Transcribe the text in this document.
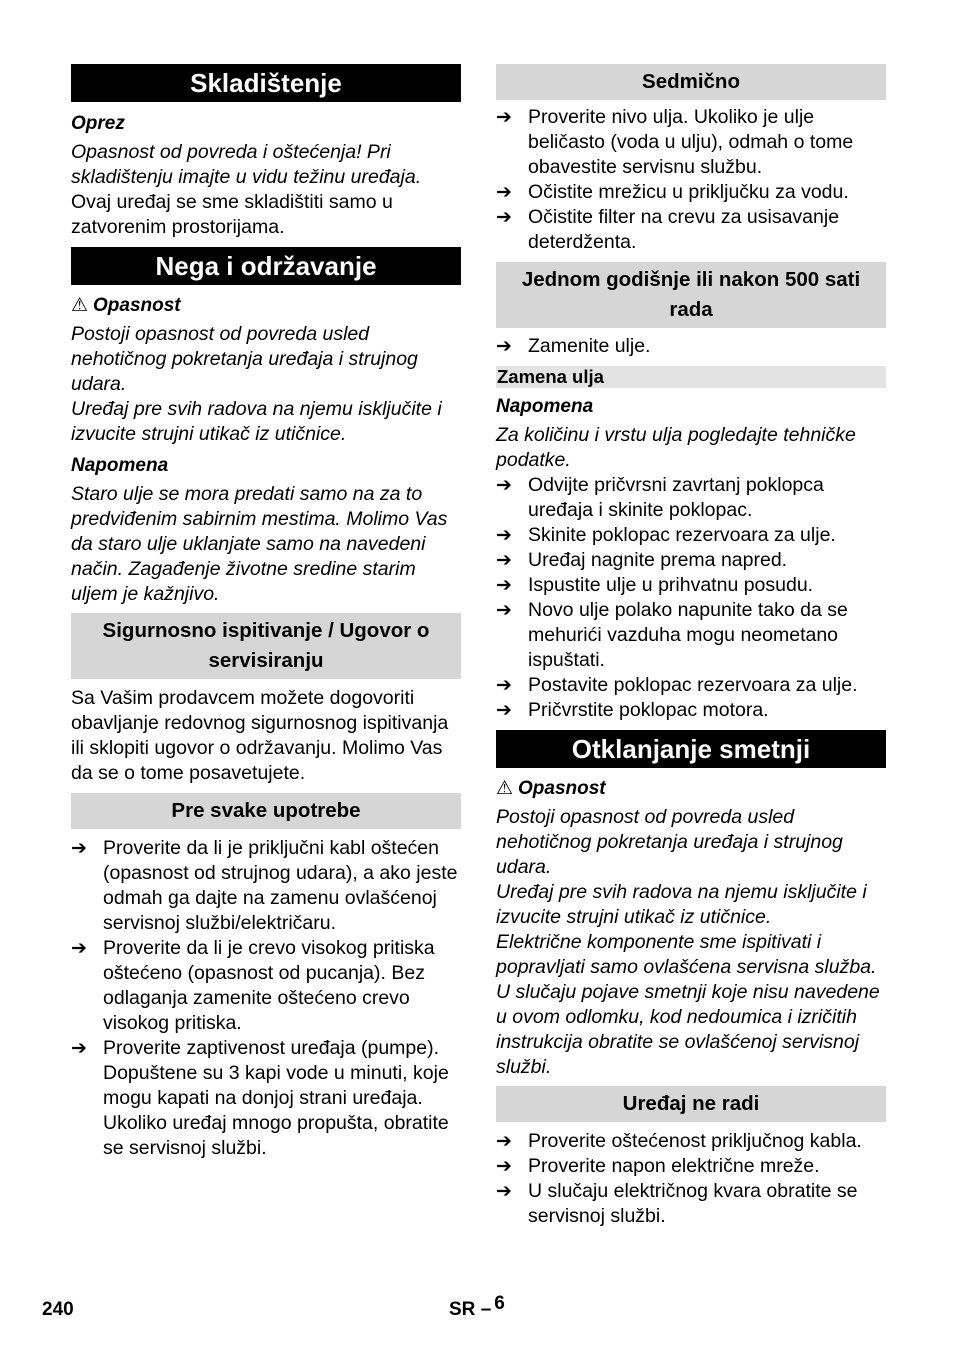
Skladištenje

Oprez

Opasnost od povreda i oštećenja! Pri skladištenju imajte u vidu težinu uređaja.

Ovaj uređaj se sme skladištiti samo u zatvorenim prostorijama.

Nega i održavanje

⚠ Opasnost

Postoji opasnost od povreda usled nehotičnog pokretanja uređaja i strujnog udara.

Uređaj pre svih radova na njemu isključite i izvucite strujni utikač iz utičnice.

Napomena

Staro ulje se mora predati samo na za to predviđenim sabirnim mestima. Molimo Vas da staro ulje uklanjate samo na navedeni način. Zagađenje životne sredine starim uljem je kažnjivo.

Sigurnosno ispitivanje / Ugovor o servisiranju

Sa Vašim prodavcem možete dogovoriti obavljanje redovnog sigurnosnog ispitivanja ili sklopiti ugovor o održavanju. Molimo Vas da se o tome posavetujete.

Pre svake upotrebe
➔ Proverite da li je priključni kabl oštećen (opasnost od strujnog udara), a ako jeste odmah ga dajte na zamenu ovlašćenoj servisnoj službi/električaru.
➔ Proverite da li je crevo visokog pritiska oštećeno (opasnost od pucanja). Bez odlaganja zamenite oštećeno crevo visokog pritiska.
➔ Proverite zaptivenost uređaja (pumpe). Dopuštene su 3 kapi vode u minuti, koje mogu kapati na donjoj strani uređaja. Ukoliko uređaj mnogo propušta, obratite se servisnoj službi.
Sedmično
➔ Proverite nivo ulja. Ukoliko je ulje beličasto (voda u ulju), odmah o tome obavestite servisnu službu.
➔ Očistite mrežicu u priključku za vodu.
➔ Očistite filter na crevu za usisavanje deterdženta.
Jednom godišnje ili nakon 500 sati rada
➔ Zamenite ulje.
Zamena ulja

Napomena

Za količinu i vrstu ulja pogledajte tehničke podatke.

➔ Odvijte pričvrsni zavrtanj poklopca uređaja i skinite poklopac.
➔ Skinite poklopac rezervoara za ulje.
➔ Uređaj nagnite prema napred.
➔ Ispustite ulje u prihvatnu posudu.
➔ Novo ulje polako napunite tako da se mehurići vazduha mogu neometano ispuštati.
➔ Postavite poklopac rezervoara za ulje.
➔ Pričvrstite poklopac motora.
Otklanjanje smetnji

⚠ Opasnost

Postoji opasnost od povreda usled nehotičnog pokretanja uređaja i strujnog udara.

Uređaj pre svih radova na njemu isključite i izvucite strujni utikač iz utičnice.

Električne komponente sme ispitivati i popravljati samo ovlašćena servisna služba.

U slučaju pojave smetnji koje nisu navedene u ovom odlomku, kod nedoumica i izričitih instrukcija obratite se ovlašćenoj servisnoj službi.

Uređaj ne radi
➔ Proverite oštećenost priključnog kabla.
➔ Proverite napon električne mreže.
➔ U slučaju električnog kvara obratite se servisnoj službi.
240	SR – 6
